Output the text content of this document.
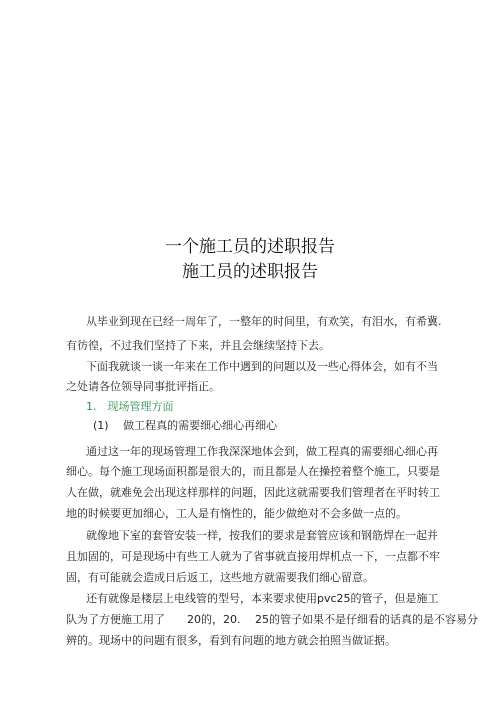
一个施工员的述职报告
施工员的述职报告
从毕业到现在已经一周年了，一整年的时间里，有欢笑，有泪水，有希冀.
有彷徨，不过我们坚持了下来，并且会继续坚持下去。
下面我就谈一谈一年来在工作中遇到的问题以及一些心得体会，如有不当
之处请各位领导同事批评指正。
1.　现场管理方面
(1)　 做工程真的需要细心细心再细心
通过这一年的现场管理工作我深深地体会到，做工程真的需要细心细心再
细心。每个施工现场面积都是很大的，而且都是人在操控着整个施工，只要是
人在做，就难免会出现这样那样的问题，因此这就需要我们管理者在平时转工
地的时候要更加细心，工人是有惰性的，能少做绝对不会多做一点的。
就像地下室的套管安装一样，按我们的要求是套管应该和钢筋焊在一起并
且加固的，可是现场中有些工人就为了省事就直接用焊机点一下，一点都不牢
固，有可能就会造成日后返工，这些地方就需要我们细心留意。
还有就像是楼层上电线管的型号，本来要求使用pvc25的管子，但是施工
队为了方便施工用了　　20的，20.　 25的管子如果不是仔细看的话真的是不容易分
辨的。现场中的问题有很多，看到有问题的地方就会拍照当做证据。
